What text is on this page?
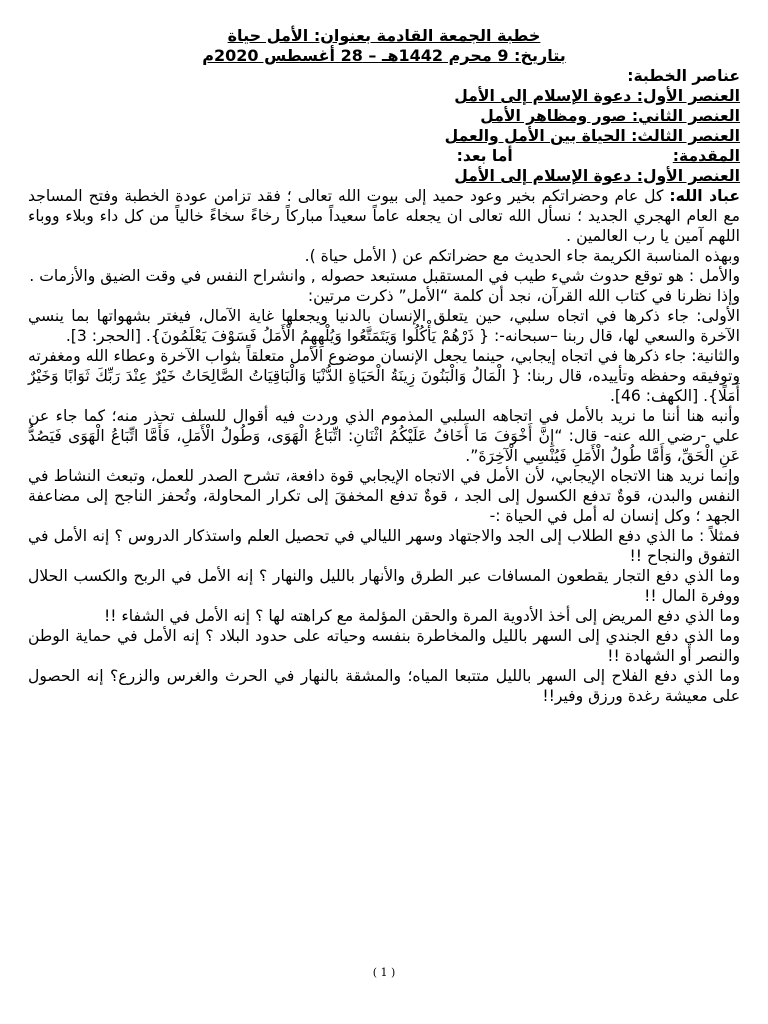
خطبة الجمعة القادمة بعنوان: الأمل حياة

بتاريخ: 9 محرم 1442هـ – 28 أغسطس 2020م

عناصر الخطبة:

العنصر الأول: دعوة الإسلام إلى الأمل

العنصر الثاني: صور ومظاهر الأمل

العنصر الثالث: الحياة بين الأمل والعمل

المقدمة:
أما بعد:

العنصر الأول: دعوة الإسلام إلى الأمل

عباد الله: كل عام وحضراتكم بخير وعود حميد إلى بيوت الله تعالى ؛ فقد تزامن عودة الخطبة وفتح المساجد مع العام الهجري الجديد ؛ نسأل الله تعالى ان يجعله عاماً سعيداً مباركاً رخاءً سخاءً خالياً من كل داء وبلاء ووباء اللهم آمين يا رب العالمين .

وبهذه المناسبة الكريمة جاء الحديث مع حضراتكم عن ( الأمل حياة ).

والأمل : هو توقع حدوث شيء طيب في المستقبل مستبعد حصوله , وانشراح النفس في وقت الضيق والأزمات .

وإذا نظرنا في كتاب الله القرآن، نجد أن كلمة “الأمل” ذكرت مرتين:

الأولى: جاء ذكرها في اتجاه سلبي، حين يتعلق الإنسان بالدنيا ويجعلها غاية الآمال، فيغتر بشهواتها بما ينسي الآخرة والسعي لها، قال ربنا –سبحانه-: { ذَرْهُمْ يَأْكُلُوا وَيَتَمَتَّعُوا وَيُلْهِهِمُ الْأَمَلُ فَسَوْفَ يَعْلَمُونَ}. [الحجر: 3].

والثانية: جاء ذكرها في اتجاه إيجابي، حينما يجعل الإنسان موضوع الأمل متعلقاً بثواب الآخرة وعطاء الله ومغفرته وتوفيقه وحفظه وتأييده، قال ربنا: { الْمَالُ وَالْبَنُونَ زِينَةُ الْحَيَاةِ الدُّنْيَا وَالْبَاقِيَاتُ الصَّالِحَاتُ خَيْرٌ عِنْدَ رَبِّكَ ثَوَابًا وَخَيْرٌ أَمَلًا}. [الكهف: 46].

وأنبه هنا أننا ما نريد بالأمل في اتجاهه السلبي المذموم الذي وردت فيه أقوال للسلف تحذر منه؛ كما جاء عن علي -رضي الله عنه- قال: “إِنَّ أَخْوَفَ مَا أَخَافُ عَلَيْكُمُ اثْنَانِ: اتِّبَاعُ الْهَوَى، وَطُولُ الْأَمَلِ، فَأَمَّا اتِّبَاعُ الْهَوَى فَيَصُدُّ عَنِ الْحَقِّ، وَأَمَّا طُولُ الْأَمَلِ فَيُنْسِي الْآخِرَةَ”.

وإنما نريد هنا الاتجاه الإيجابي، لأن الأمل في الاتجاه الإيجابي قوة دافعة، تشرح الصدر للعمل، وتبعث النشاط في النفس والبدن، قوةٌ تدفع الكسول إلى الجد ، قوةٌ تدفع المخفقَ إلى تكرار المحاولة، وتُحفز الناجح إلى مضاعفة الجهد ؛ وكل إنسان له أمل في الحياة :-

فمثلاً : ما الذي دفع الطلاب إلى الجد والاجتهاد وسهر الليالي في تحصيل العلم واستذكار الدروس ؟ إنه الأمل في التفوق والنجاح !!

وما الذي دفع التجار يقطعون المسافات عبر الطرق والأنهار بالليل والنهار ؟ إنه الأمل في الربح والكسب الحلال ووفرة المال !!

وما الذي دفع المريض إلى أخذ الأدوية المرة والحقن المؤلمة مع كراهته لها ؟ إنه الأمل في الشفاء !!

وما الذي دفع الجندي إلى السهر بالليل والمخاطرة بنفسه وحياته على حدود البلاد ؟ إنه الأمل في حماية الوطن والنصر أو الشهادة !!

وما الذي دفع الفلاح إلى السهر بالليل متتبعا المياه؛ والمشقة بالنهار في الحرث والغرس والزرع؟ إنه الحصول على معيشة رغدة ورزق وفير!!

( 1 )
